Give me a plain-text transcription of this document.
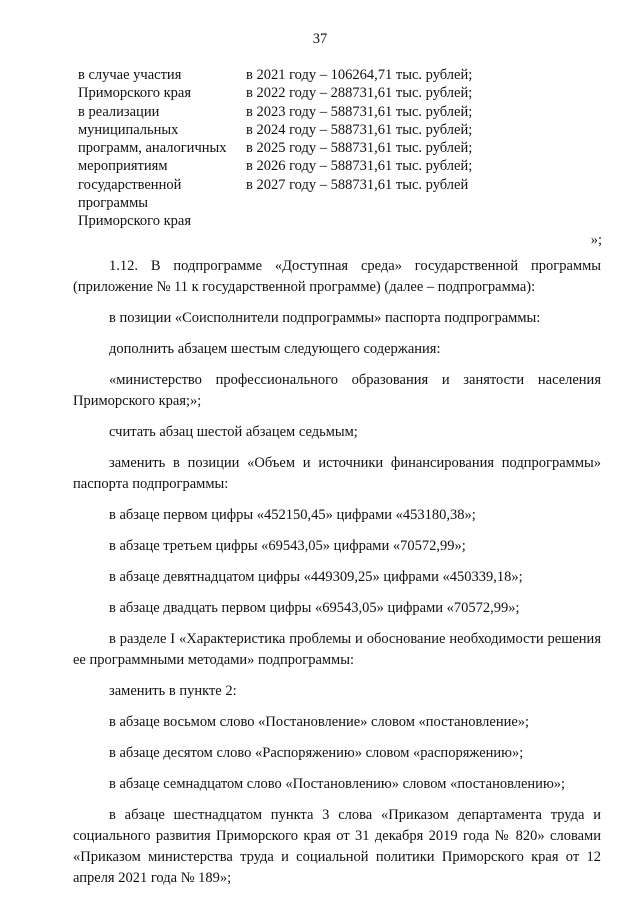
37
в случае участия
Приморского края
в реализации
муниципальных
программ, аналогичных
мероприятиям
государственной
программы
Приморского края
в 2021 году – 106264,71 тыс. рублей;
в 2022 году – 288731,61 тыс. рублей;
в 2023 году – 588731,61 тыс. рублей;
в 2024 году – 588731,61 тыс. рублей;
в 2025 году – 588731,61 тыс. рублей;
в 2026 году – 588731,61 тыс. рублей;
в 2027 году – 588731,61 тыс. рублей
»;

1.12. В подпрограмме «Доступная среда» государственной программы (приложение № 11 к государственной программе) (далее – подпрограмма):

в позиции «Соисполнители подпрограммы» паспорта подпрограммы:

дополнить абзацем шестым следующего содержания:

«министерство профессионального образования и занятости населения Приморского края;»;

считать абзац шестой абзацем седьмым;

заменить в позиции «Объем и источники финансирования подпрограммы» паспорта подпрограммы:

в абзаце первом цифры «452150,45» цифрами «453180,38»;

в абзаце третьем цифры «69543,05» цифрами «70572,99»;

в абзаце девятнадцатом цифры «449309,25» цифрами «450339,18»;

в абзаце двадцать первом цифры «69543,05» цифрами «70572,99»;

в разделе I «Характеристика проблемы и обоснование необходимости решения ее программными методами» подпрограммы:

заменить в пункте 2:

в абзаце восьмом слово «Постановление» словом «постановление»;

в абзаце десятом слово «Распоряжению» словом «распоряжению»;

в абзаце семнадцатом слово «Постановлению» словом «постановлению»;

в абзаце шестнадцатом пункта 3 слова «Приказом департамента труда и социального развития Приморского края от 31 декабря 2019 года № 820» словами «Приказом министерства труда и социальной политики Приморского края от 12 апреля 2021 года № 189»;
